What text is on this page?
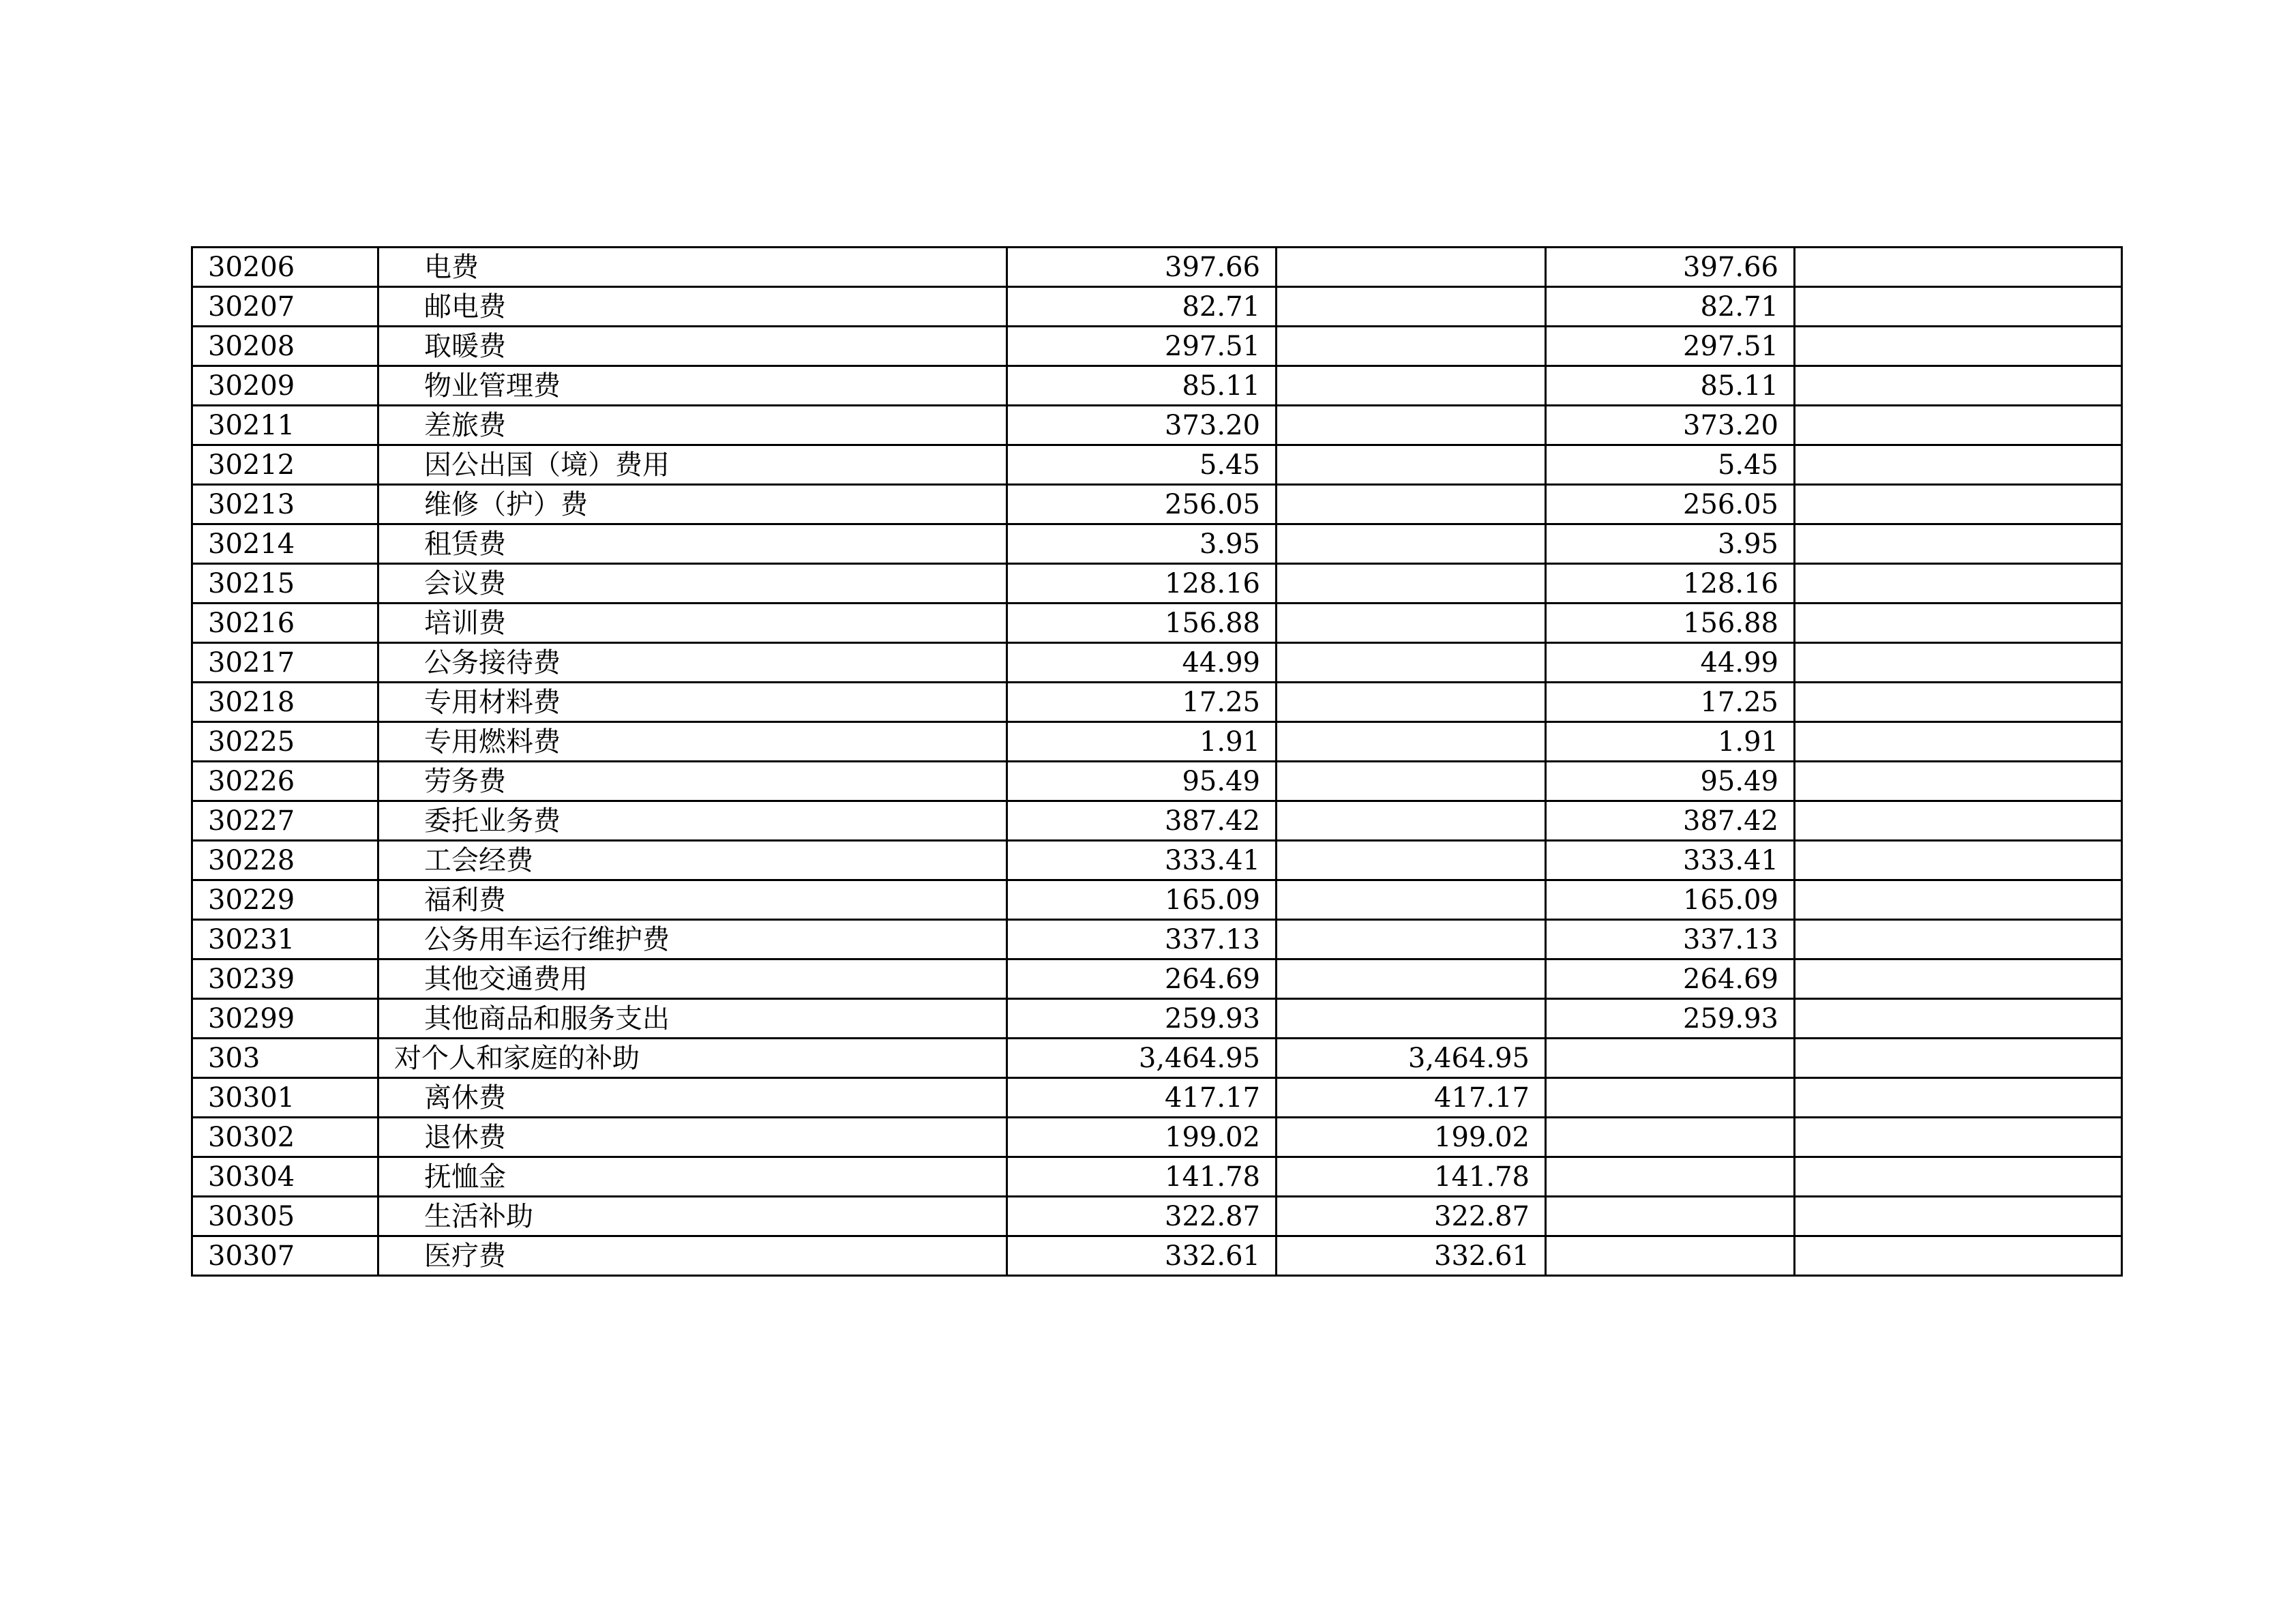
30206	电费	397.66		397.66	
30207	邮电费	82.71		82.71	
30208	取暖费	297.51		297.51	
30209	物业管理费	85.11		85.11	
30211	差旅费	373.20		373.20	
30212	因公出国（境）费用	5.45		5.45	
30213	维修（护）费	256.05		256.05	
30214	租赁费	3.95		3.95	
30215	会议费	128.16		128.16	
30216	培训费	156.88		156.88	
30217	公务接待费	44.99		44.99	
30218	专用材料费	17.25		17.25	
30225	专用燃料费	1.91		1.91	
30226	劳务费	95.49		95.49	
30227	委托业务费	387.42		387.42	
30228	工会经费	333.41		333.41	
30229	福利费	165.09		165.09	
30231	公务用车运行维护费	337.13		337.13	
30239	其他交通费用	264.69		264.69	
30299	其他商品和服务支出	259.93		259.93	
303	对个人和家庭的补助	3,464.95	3,464.95		
30301	离休费	417.17	417.17		
30302	退休费	199.02	199.02		
30304	抚恤金	141.78	141.78		
30305	生活补助	322.87	322.87		
30307	医疗费	332.61	332.61		
